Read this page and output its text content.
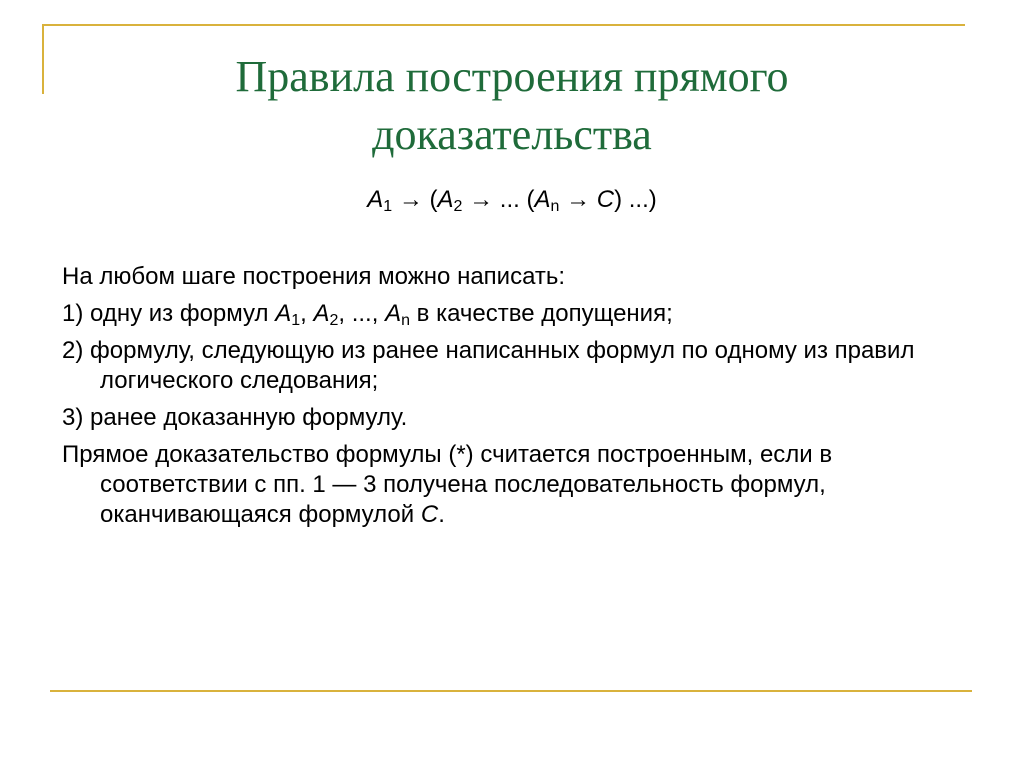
Правила построения прямого
доказательства
$A_1 \to (A_2$ → ... $(A_n \to C)$ ...)

На любом шаге построения можно написать:

1) одну из формул $A_1$, $A_2$, ..., $A_n$ в качестве допущения;

2) формулу, следующую из ранее написанных формул по одному из правил логического следования;

3) ранее доказанную формулу.

Прямое доказательство формулы (*) считается построенным, если в соответствии с пп. 1 — 3 получена последовательность формул, оканчивающаяся формулой C.
